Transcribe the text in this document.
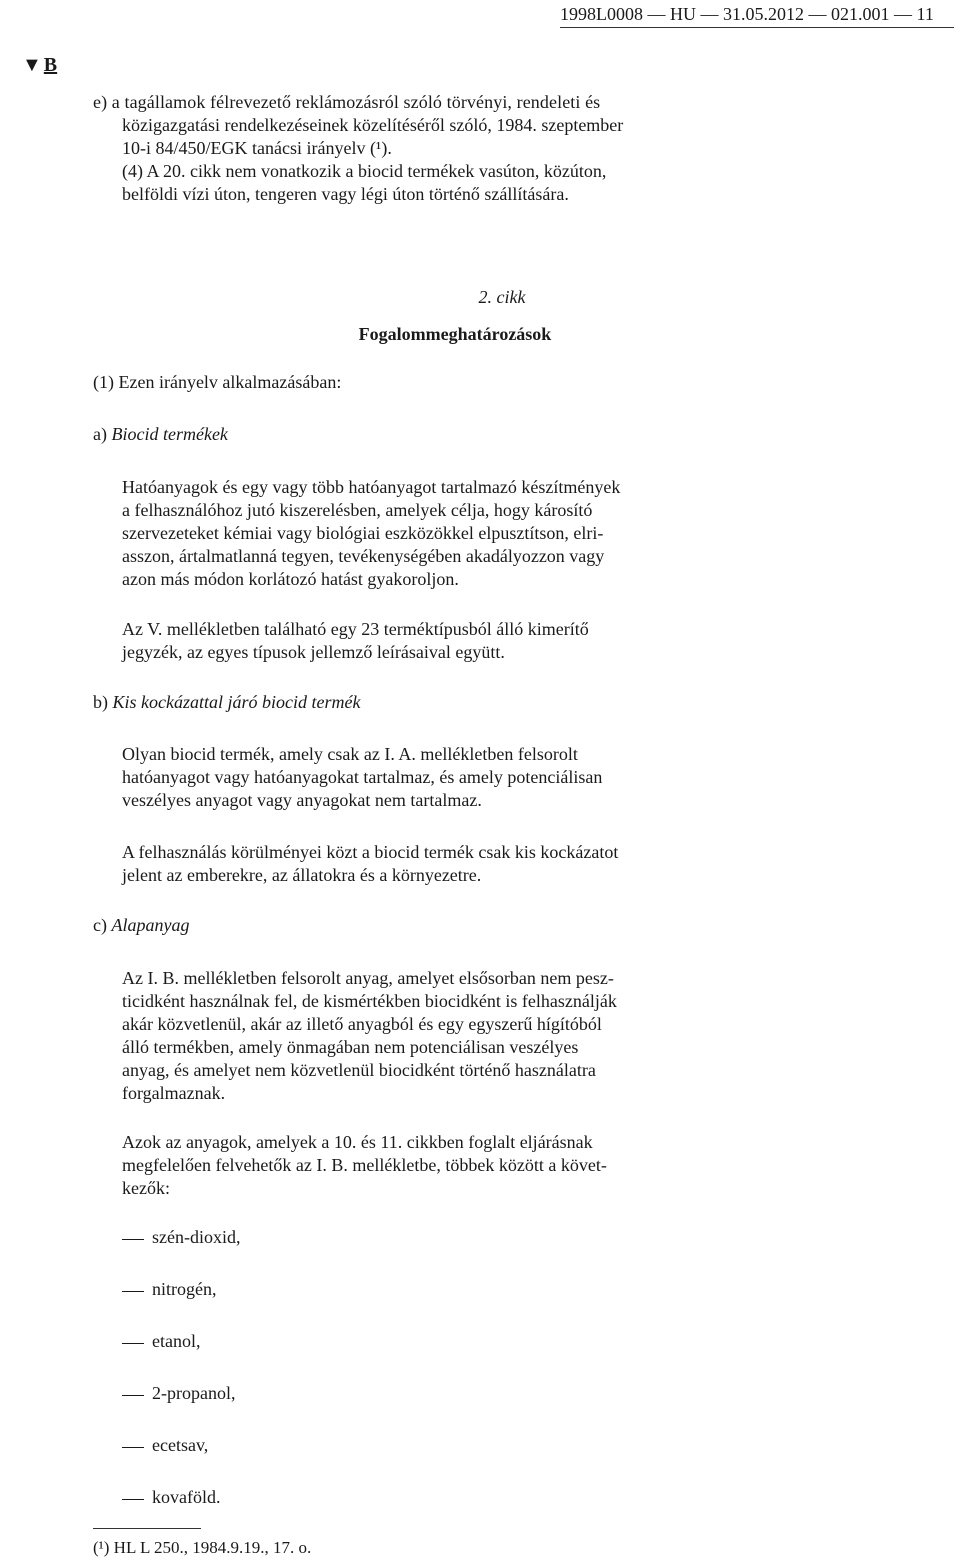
1998L0008 — HU — 31.05.2012 — 021.001 — 11
▼ B
e) a tagállamok félrevezető reklámozásról szóló törvényi, rendeleti és
közigazgatási rendelkezéseinek közelítéséről szóló, 1984. szeptember
10-i 84/450/EGK tanácsi irányelv (¹).
(4) A 20. cikk nem vonatkozik a biocid termékek vasúton, közúton,
belföldi vízi úton, tengeren vagy légi úton történő szállítására.
2. cikk
Fogalommeghatározások
(1) Ezen irányelv alkalmazásában:
a) Biocid termékek
Hatóanyagok és egy vagy több hatóanyagot tartalmazó készítmények
a felhasználóhoz jutó kiszerelésben, amelyek célja, hogy károsító
szervezeteket kémiai vagy biológiai eszközökkel elpusztítson, elri-
asszon, ártalmatlanná tegyen, tevékenységében akadályozzon vagy
azon más módon korlátozó hatást gyakoroljon.
Az V. mellékletben található egy 23 terméktípusból álló kimerítő
jegyzék, az egyes típusok jellemző leírásaival együtt.
b) Kis kockázattal járó biocid termék
Olyan biocid termék, amely csak az I. A. mellékletben felsorolt
hatóanyagot vagy hatóanyagokat tartalmaz, és amely potenciálisan
veszélyes anyagot vagy anyagokat nem tartalmaz.
A felhasználás körülményei közt a biocid termék csak kis kockázatot
jelent az emberekre, az állatokra és a környezetre.
c) Alapanyag
Az I. B. mellékletben felsorolt anyag, amelyet elsősorban nem pesz-
ticidként használnak fel, de kismértékben biocidként is felhasználják
akár közvetlenül, akár az illető anyagból és egy egyszerű hígítóból
álló termékben, amely önmagában nem potenciálisan veszélyes
anyag, és amelyet nem közvetlenül biocidként történő használatra
forgalmaznak.
Azok az anyagok, amelyek a 10. és 11. cikkben foglalt eljárásnak
megfelelően felvehetők az I. B. mellékletbe, többek között a követ-
kezők:
szén-dioxid,
nitrogén,
etanol,
2-propanol,
ecetsav,
kovaföld.
(¹) HL L 250., 1984.9.19., 17. o.
